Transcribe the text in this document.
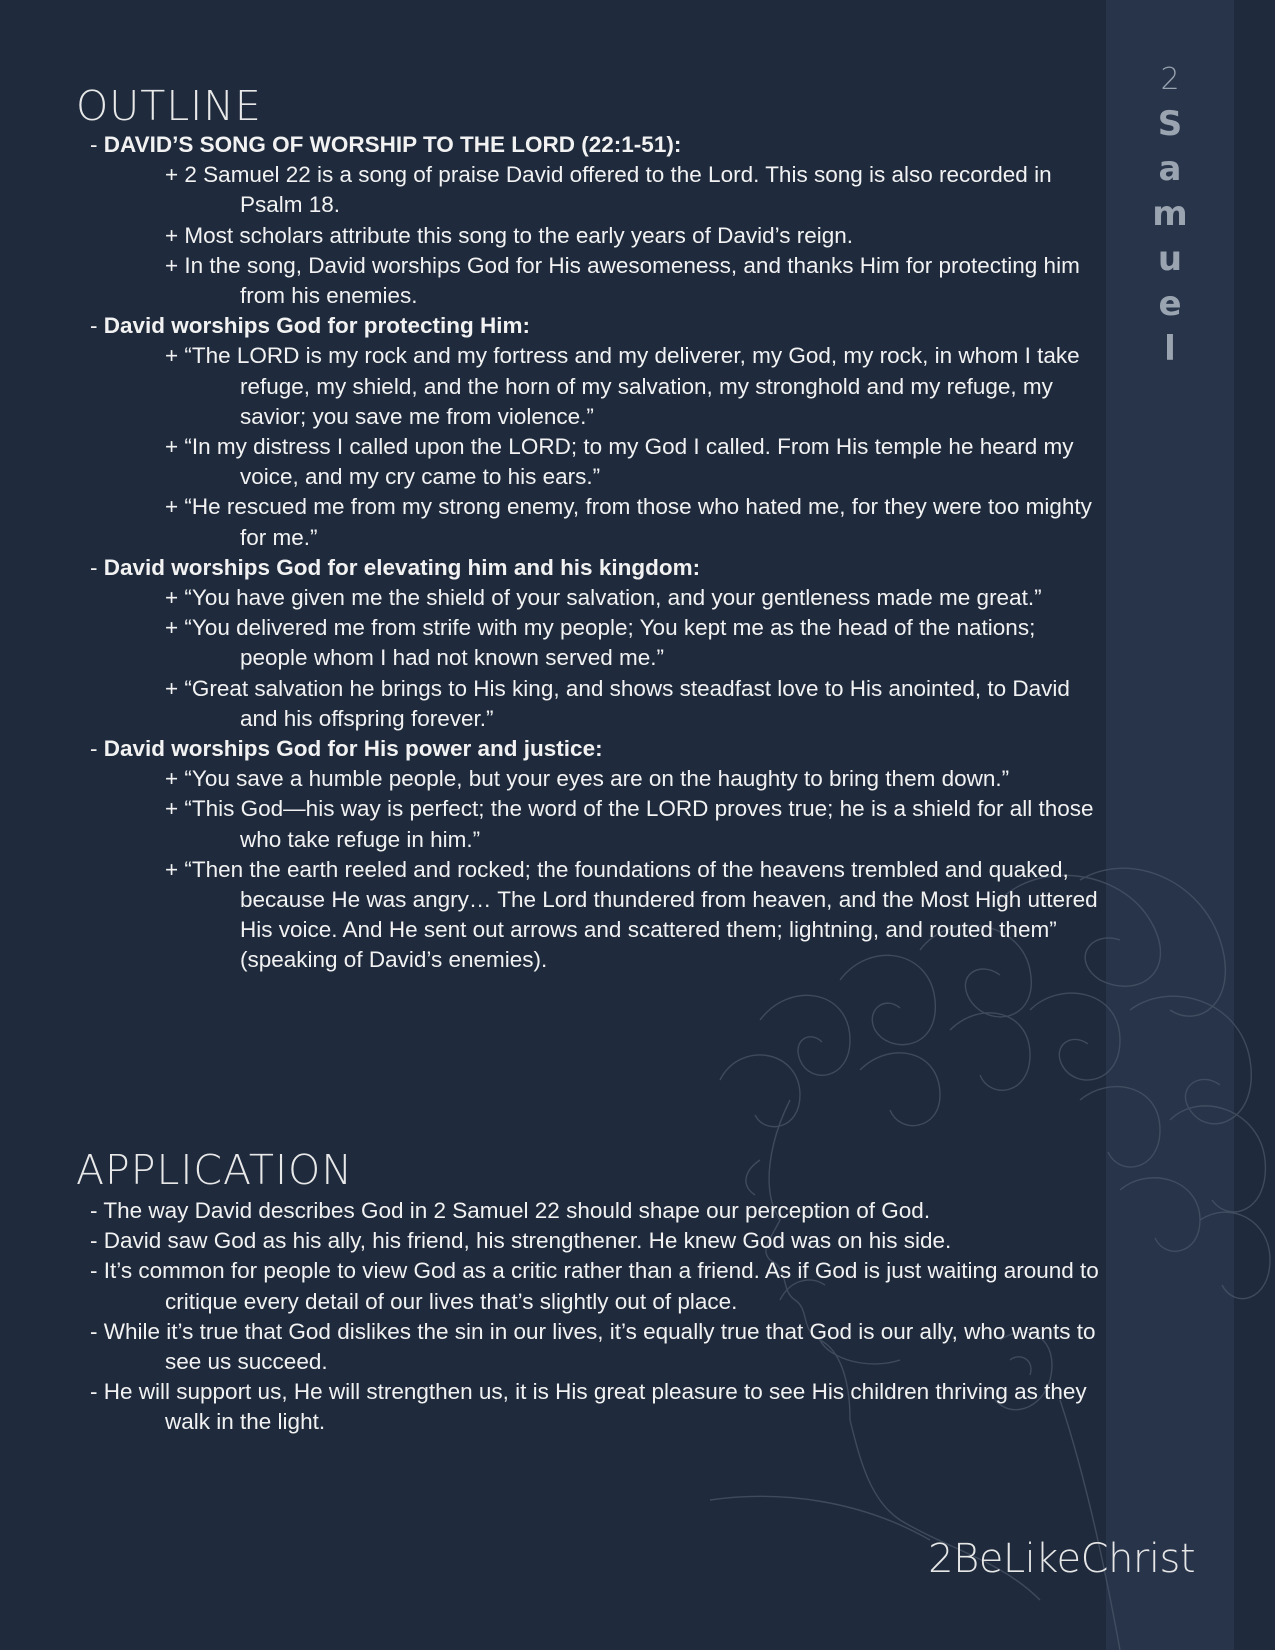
2
S
a
m
u
e
l
OUTLINE
- DAVID’S SONG OF WORSHIP TO THE LORD (22:1-51):
+ 2 Samuel 22 is a song of praise David offered to the Lord. This song is also recorded in Psalm 18.
+ Most scholars attribute this song to the early years of David’s reign.
+ In the song, David worships God for His awesomeness, and thanks Him for protecting him from his enemies.
- David worships God for protecting Him:
+ “The LORD is my rock and my fortress and my deliverer, my God, my rock, in whom I take refuge, my shield, and the horn of my salvation, my stronghold and my refuge, my savior; you save me from violence.”
+ “In my distress I called upon the LORD; to my God I called. From His temple he heard my voice, and my cry came to his ears.”
+ “He rescued me from my strong enemy, from those who hated me, for they were too mighty for me.”
- David worships God for elevating him and his kingdom:
+ “You have given me the shield of your salvation, and your gentleness made me great.”
+ “You delivered me from strife with my people; You kept me as the head of the nations; people whom I had not known served me.”
+ “Great salvation he brings to His king, and shows steadfast love to His anointed, to David and his offspring forever.”
- David worships God for His power and justice:
+ “You save a humble people, but your eyes are on the haughty to bring them down.”
+ “This God—his way is perfect; the word of the LORD proves true; he is a shield for all those who take refuge in him.”
+ “Then the earth reeled and rocked; the foundations of the heavens trembled and quaked, because He was angry… The Lord thundered from heaven, and the Most High uttered His voice. And He sent out arrows and scattered them; lightning, and routed them” (speaking of David’s enemies).
APPLICATION
- The way David describes God in 2 Samuel 22 should shape our perception of God.
- David saw God as his ally, his friend, his strengthener. He knew God was on his side.
- It’s common for people to view God as a critic rather than a friend. As if God is just waiting around to critique every detail of our lives that’s slightly out of place.
- While it’s true that God dislikes the sin in our lives, it’s equally true that God is our ally, who wants to see us succeed.
- He will support us, He will strengthen us, it is His great pleasure to see His children thriving as they walk in the light.
2BeLikeChrist
